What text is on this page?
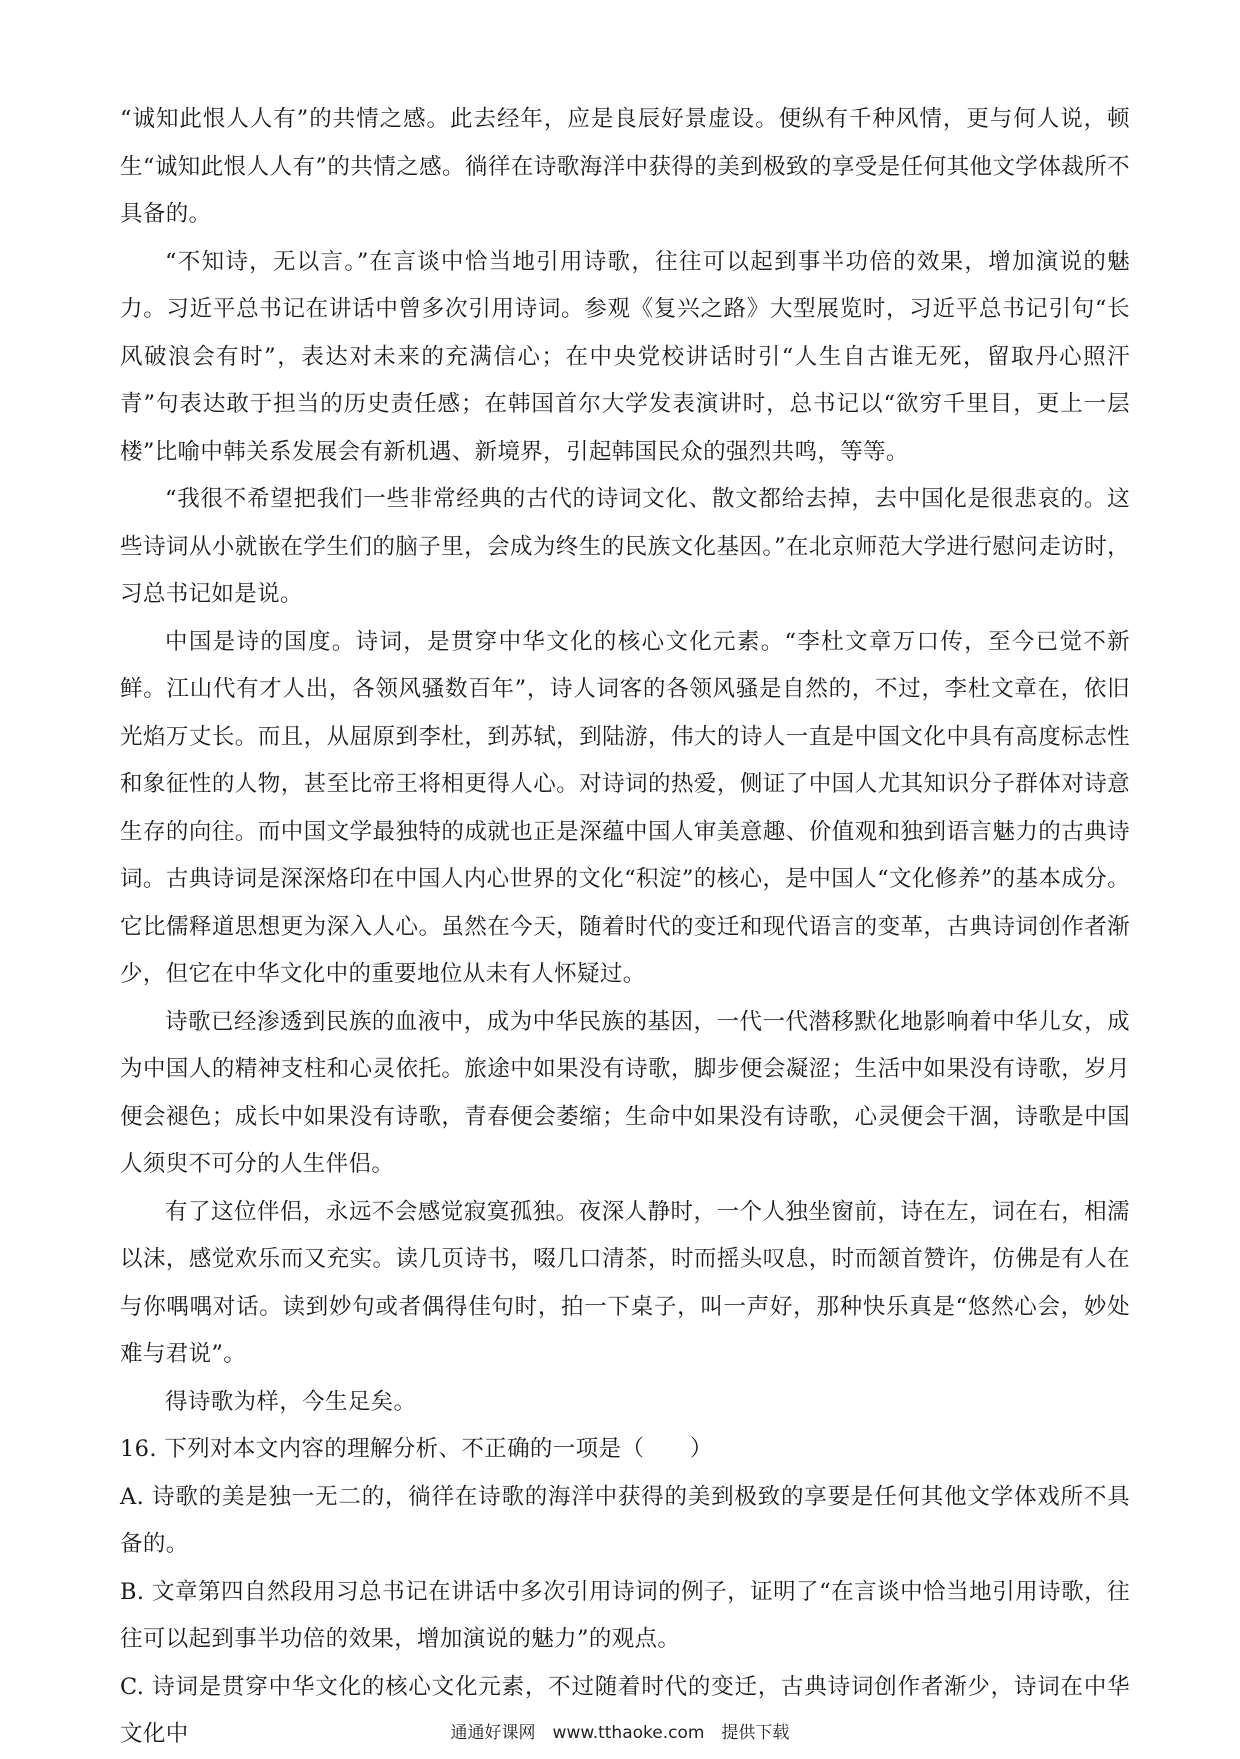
“诚知此恨人人有”的共情之感。此去经年，应是良辰好景虚设。便纵有千种风情，更与何人说，顿生“诚知此恨人人有”的共情之感。徜徉在诗歌海洋中获得的美到极致的享受是任何其他文学体裁所不具备的。

“不知诗，无以言。”在言谈中恰当地引用诗歌，往往可以起到事半功倍的效果，增加演说的魅力。习近平总书记在讲话中曾多次引用诗词。参观《复兴之路》大型展览时，习近平总书记引句“长风破浪会有时”，表达对未来的充满信心；在中央党校讲话时引“人生自古谁无死，留取丹心照汗青”句表达敢于担当的历史责任感；在韩国首尔大学发表演讲时，总书记以“欲穷千里目，更上一层楼”比喻中韩关系发展会有新机遇、新境界，引起韩国民众的强烈共鸣，等等。

“我很不希望把我们一些非常经典的古代的诗词文化、散文都给去掉，去中国化是很悲哀的。这些诗词从小就嵌在学生们的脑子里，会成为终生的民族文化基因。”在北京师范大学进行慰问走访时，习总书记如是说。

中国是诗的国度。诗词，是贯穿中华文化的核心文化元素。“李杜文章万口传，至今已觉不新鲜。江山代有才人出，各领风骚数百年”，诗人词客的各领风骚是自然的，不过，李杜文章在，依旧光焰万丈长。而且，从屈原到李杜，到苏轼，到陆游，伟大的诗人一直是中国文化中具有高度标志性和象征性的人物，甚至比帝王将相更得人心。对诗词的热爱，侧证了中国人尤其知识分子群体对诗意生存的向往。而中国文学最独特的成就也正是深蕴中国人审美意趣、价值观和独到语言魅力的古典诗词。古典诗词是深深烙印在中国人内心世界的文化“积淀”的核心，是中国人“文化修养”的基本成分。它比儒释道思想更为深入人心。虽然在今天，随着时代的变迁和现代语言的变革，古典诗词创作者渐少，但它在中华文化中的重要地位从未有人怀疑过。

诗歌已经渗透到民族的血液中，成为中华民族的基因，一代一代潜移默化地影响着中华儿女，成为中国人的精神支柱和心灵依托。旅途中如果没有诗歌，脚步便会凝涩；生活中如果没有诗歌，岁月便会褪色；成长中如果没有诗歌，青春便会萎缩；生命中如果没有诗歌，心灵便会干涸，诗歌是中国人须臾不可分的人生伴侣。

有了这位伴侣，永远不会感觉寂寞孤独。夜深人静时，一个人独坐窗前，诗在左，词在右，相濡以沫，感觉欢乐而又充实。读几页诗书，啜几口清茶，时而摇头叹息，时而颔首赞许，仿佛是有人在与你喁喁对话。读到妙句或者偶得佳句时，拍一下桌子，叫一声好，那种快乐真是“悠然心会，妙处难与君说”。

得诗歌为样，今生足矣。

16. 下列对本文内容的理解分析、不正确的一项是（　　）

A. 诗歌的美是独一无二的，徜徉在诗歌的海洋中获得的美到极致的享要是任何其他文学体戏所不具备的。

B. 文章第四自然段用习总书记在讲话中多次引用诗词的例子，证明了“在言谈中恰当地引用诗歌，往往可以起到事半功倍的效果，增加演说的魅力”的观点。

C. 诗词是贯穿中华文化的核心文化元素，不过随着时代的变迁，古典诗词创作者渐少，诗词在中华文化中	通通好课网　www.tthaoke.com　提供下载
